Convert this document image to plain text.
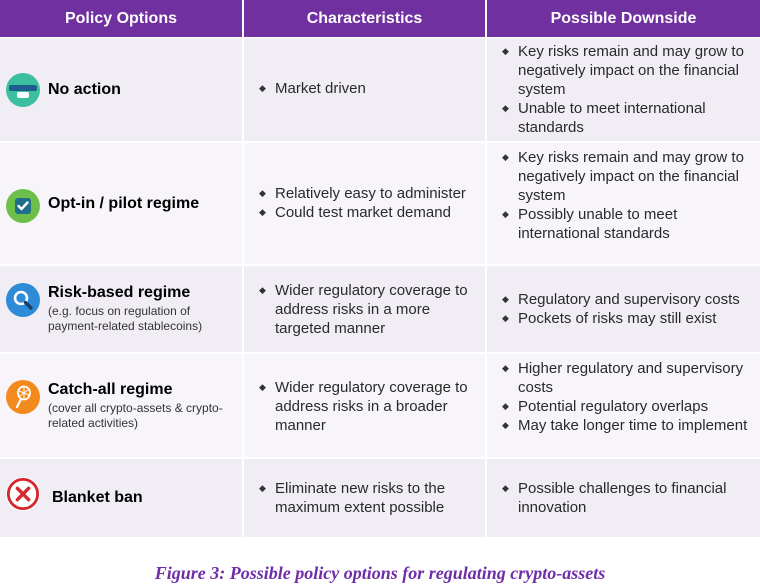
Policy Options	Characteristics	Possible Downside
No action
◆	Market driven
◆ Key risks remain and may grow to negatively impact on the financial system
◆ Unable to meet international standards
Opt-in / pilot regime
◆ Relatively easy to administer
◆ Could test market demand
◆ Key risks remain and may grow to negatively impact on the financial system
◆ Possibly unable to meet international standards
Risk-based regime
(e.g. focus on regulation of payment-related stablecoins)
◆ Wider regulatory coverage to address risks in a more targeted manner
◆ Regulatory and supervisory costs
◆ Pockets of risks may still exist
Catch-all regime
(cover all crypto-assets & crypto-related activities)
◆ Wider regulatory coverage to address risks in a broader manner
◆ Higher regulatory and supervisory costs
◆ Potential regulatory overlaps
◆ May take longer time to implement
Blanket ban
◆ Eliminate new risks to the maximum extent possible
◆ Possible challenges to financial innovation
Figure 3: Possible policy options for regulating crypto-assets
